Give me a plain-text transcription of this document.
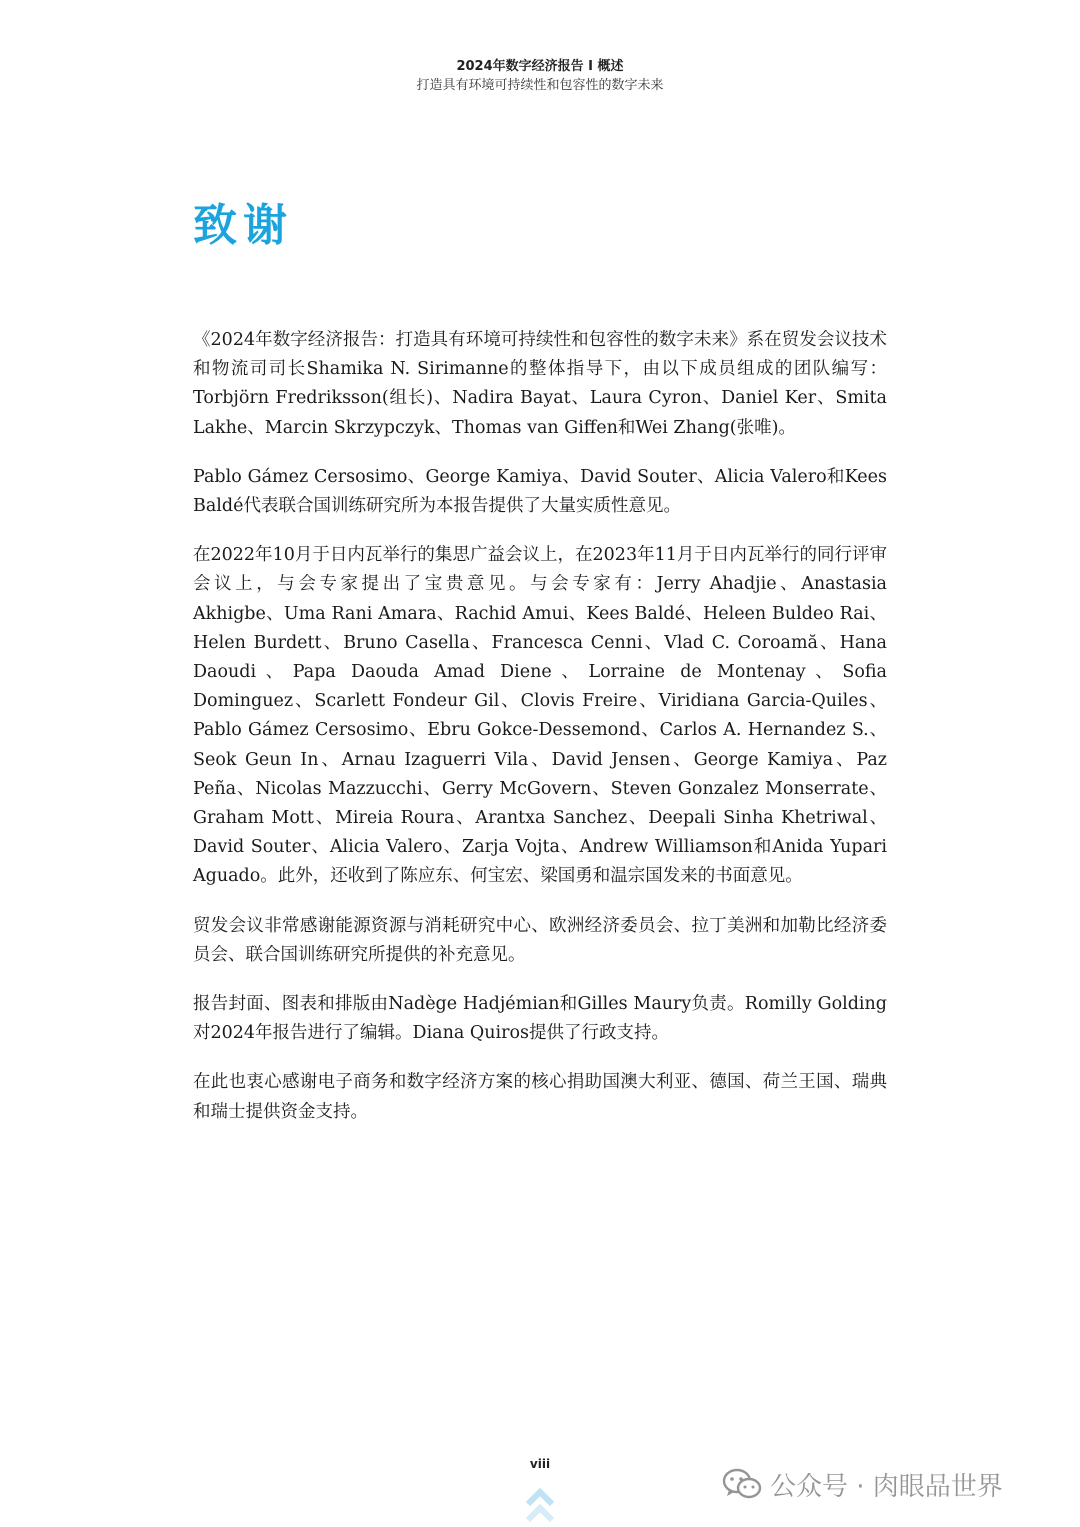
2024年数字经济报告 I 概述
打造具有环境可持续性和包容性的数字未来
致谢

《2024年数字经济报告：打造具有环境可持续性和包容性的数字未来》系在贸发会议技术和物流司司长Shamika N. Sirimanne的整体指导下，由以下成员组成的团队编写：Torbjörn Fredriksson(组长)、Nadira Bayat、Laura Cyron、Daniel Ker、Smita Lakhe、Marcin Skrzypczyk、Thomas van Giffen和Wei Zhang(张唯)。

Pablo Gámez Cersosimo、George Kamiya、David Souter、Alicia Valero和Kees Baldé代表联合国训练研究所为本报告提供了大量实质性意见。

在2022年10月于日内瓦举行的集思广益会议上，在2023年11月于日内瓦举行的同行评审会议上，与会专家提出了宝贵意见。与会专家有：Jerry Ahadjie、Anastasia Akhigbe、Uma Rani Amara、Rachid Amui、Kees Baldé、Heleen Buldeo Rai、Helen Burdett、Bruno Casella、Francesca Cenni、Vlad C. Coroamă、Hana Daoudi、Papa Daouda Amad Diene、Lorraine de Montenay、Sofia Dominguez、Scarlett Fondeur Gil、Clovis Freire、Viridiana Garcia-Quiles、Pablo Gámez Cersosimo、Ebru Gokce-Dessemond、Carlos A. Hernandez S.、Seok Geun In、Arnau Izaguerri Vila、David Jensen、George Kamiya、Paz Peña、Nicolas Mazzucchi、Gerry McGovern、Steven Gonzalez Monserrate、Graham Mott、Mireia Roura、Arantxa Sanchez、Deepali Sinha Khetriwal、David Souter、Alicia Valero、Zarja Vojta、Andrew Williamson和Anida Yupari Aguado。此外，还收到了陈应东、何宝宏、梁国勇和温宗国发来的书面意见。

贸发会议非常感谢能源资源与消耗研究中心、欧洲经济委员会、拉丁美洲和加勒比经济委员会、联合国训练研究所提供的补充意见。

报告封面、图表和排版由Nadège Hadjémian和Gilles Maury负责。Romilly Golding对2024年报告进行了编辑。Diana Quiros提供了行政支持。

在此也衷心感谢电子商务和数字经济方案的核心捐助国澳大利亚、德国、荷兰王国、瑞典和瑞士提供资金支持。

viii
公众号 · 肉眼品世界
